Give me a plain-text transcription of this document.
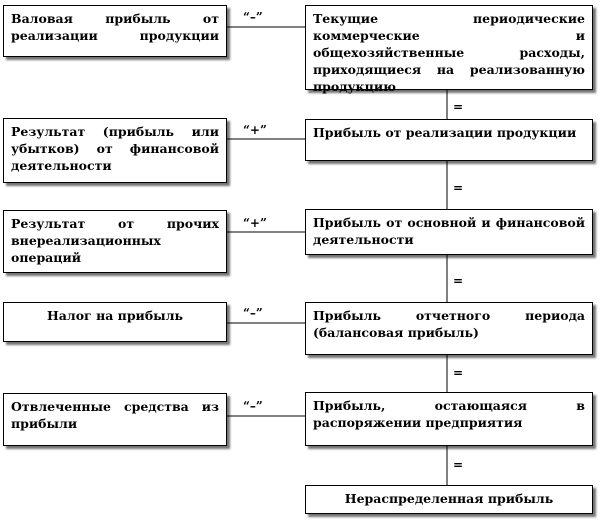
Валовая прибыль от реализации продукции
Результат (прибыль или убытков) от финансовой деятельности
Результат от прочих внереализационных операций
Налог на прибыль
Отвлеченные средства из прибыли
Текущие периодические коммерческие и общехозяйственные расходы, приходящиеся на реализованную продукцию
Прибыль от реализации продукции
Прибыль от основной и финансовой деятельности
Прибыль отчетного периода (балансовая прибыль)
Прибыль, остающаяся в распоряжении предприятия
Нераспределенная прибыль
“–”
“+”
“+”
“–”
“–”
=
=
=
=
=
